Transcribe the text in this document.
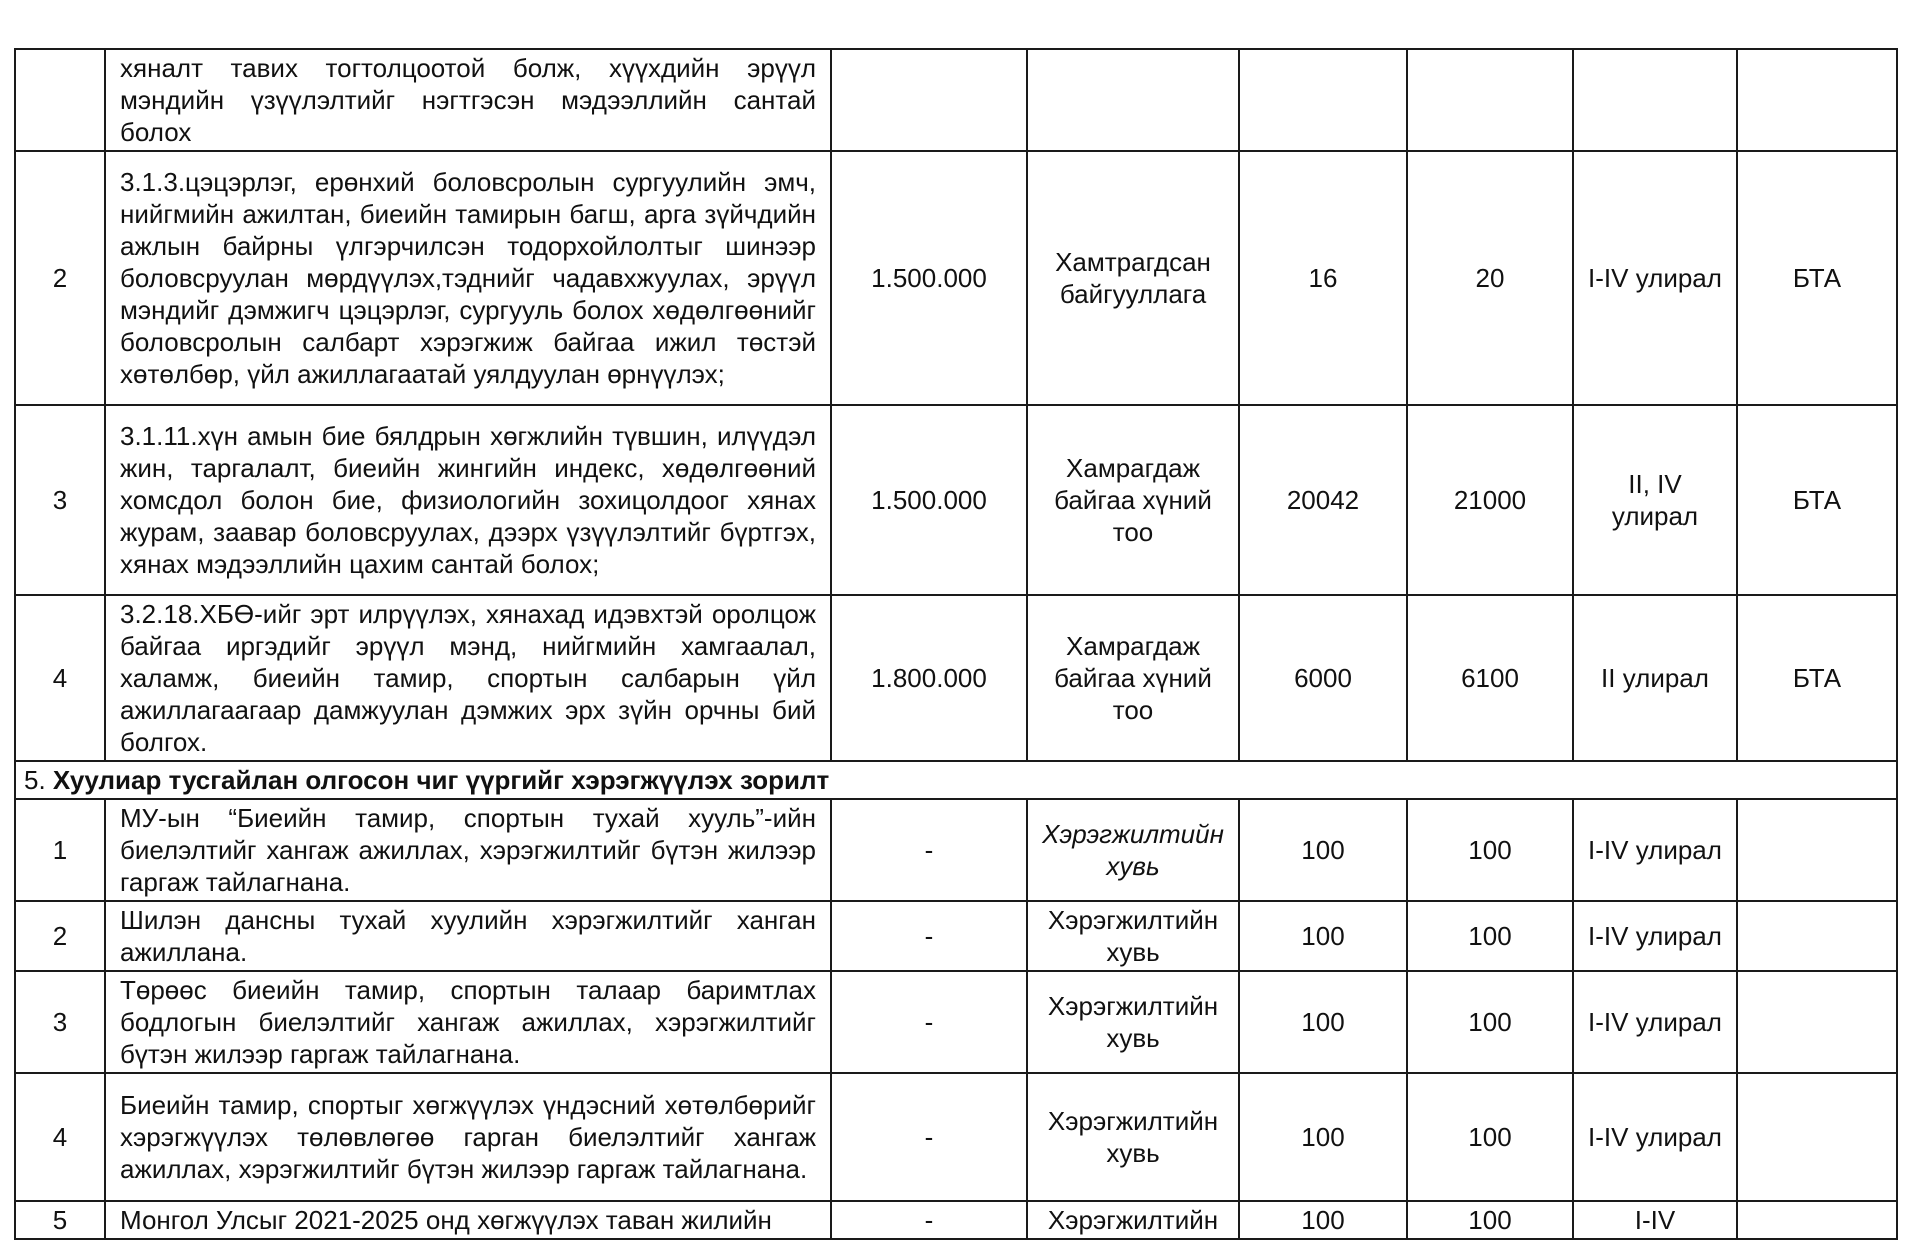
	хяналт тавих тогтолцоотой болж, хүүхдийн эрүүл мэндийн үзүүлэлтийг нэгтгэсэн мэдээллийн сантай болох						
2	3.1.3.цэцэрлэг, ерөнхий боловсролын сургуулийн эмч, нийгмийн ажилтан, биеийн тамирын багш, арга зүйчдийн ажлын байрны үлгэрчилсэн тодорхойлолтыг шинээр боловсруулан мөрдүүлэх,тэднийг чадавхжуулах, эрүүл мэндийг дэмжигч цэцэрлэг, сургууль болох хөдөлгөөнийг боловсролын салбарт хэрэгжиж байгаа ижил төстэй хөтөлбөр, үйл ажиллагаатай уялдуулан өрнүүлэх;	1.500.000	Хамтрагдсан байгууллага	16	20	I-IV улирал	БТА
3	3.1.11.хүн амын бие бялдрын хөгжлийн түвшин, илүүдэл жин, таргалалт, биеийн жингийн индекс, хөдөлгөөний хомсдол болон бие, физиологийн зохицолдоог хянах журам, заавар боловсруулах, дээрх үзүүлэлтийг бүртгэх, хянах мэдээллийн цахим сантай болох;	1.500.000	Хамрагдаж байгаа хүний тоо	20042	21000	II, IV улирал	БТА
4	3.2.18.ХБӨ-ийг эрт илрүүлэх, хянахад идэвхтэй оролцож байгаа иргэдийг эрүүл мэнд, нийгмийн хамгаалал, халамж, биеийн тамир, спортын салбарын үйл ажиллагаагаар дамжуулан дэмжих эрх зүйн орчны бий болгох.	1.800.000	Хамрагдаж байгаа хүний тоо	6000	6100	II улирал	БТА
5. Хуулиар тусгайлан олгосон чиг үүргийг хэрэгжүүлэх зорилт							
1	МУ-ын “Биеийн тамир, спортын тухай хууль”-ийн биелэлтийг хангаж ажиллах, хэрэгжилтийг бүтэн жилээр гаргаж тайлагнана.	-	Хэрэгжилтийн хувь	100	100	I-IV улирал	
2	Шилэн дансны тухай хуулийн хэрэгжилтийг ханган ажиллана.	-	Хэрэгжилтийн хувь	100	100	I-IV улирал	
3	Төрөөс биеийн тамир, спортын талаар баримтлах бодлогын биелэлтийг хангаж ажиллах, хэрэгжилтийг бүтэн жилээр гаргаж тайлагнана.	-	Хэрэгжилтийн хувь	100	100	I-IV улирал	
4	Биеийн тамир, спортыг хөгжүүлэх үндэсний хөтөлбөрийг хэрэгжүүлэх төлөвлөгөө гарган биелэлтийг хангаж ажиллах, хэрэгжилтийг бүтэн жилээр гаргаж тайлагнана.	-	Хэрэгжилтийн хувь	100	100	I-IV улирал	
5	Монгол Улсыг 2021-2025 онд хөгжүүлэх таван жилийн	-	Хэрэгжилтийн	100	100	I-IV	
